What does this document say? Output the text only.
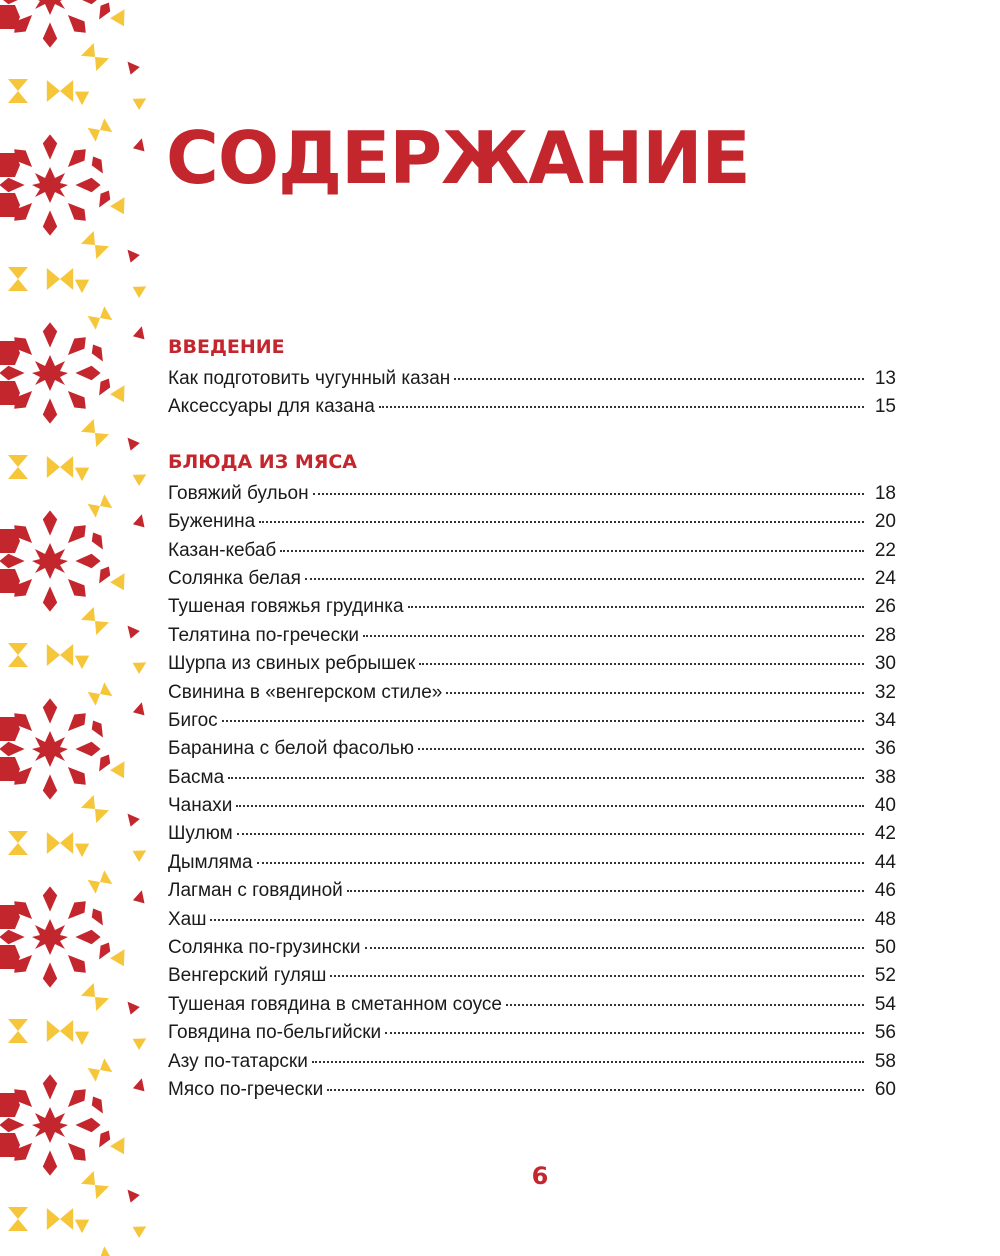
СОДЕРЖАНИЕ
ВВЕДЕНИЕ
Как подготовить чугунный казан	13
Аксессуары для казана	15
БЛЮДА ИЗ МЯСА
Говяжий бульон	18
Буженина	20
Казан-кебаб	22
Солянка белая	24
Тушеная говяжья грудинка	26
Телятина по-гречески	28
Шурпа из свиных ребрышек	30
Свинина в «венгерском стиле»	32
Бигос	34
Баранина с белой фасолью	36
Басма	38
Чанахи	40
Шулюм	42
Дымляма	44
Лагман с говядиной	46
Хаш	48
Солянка по-грузински	50
Венгерский гуляш	52
Тушеная говядина в сметанном соусе	54
Говядина по-бельгийски	56
Азу по-татарски	58
Мясо по-гречески	60
6
